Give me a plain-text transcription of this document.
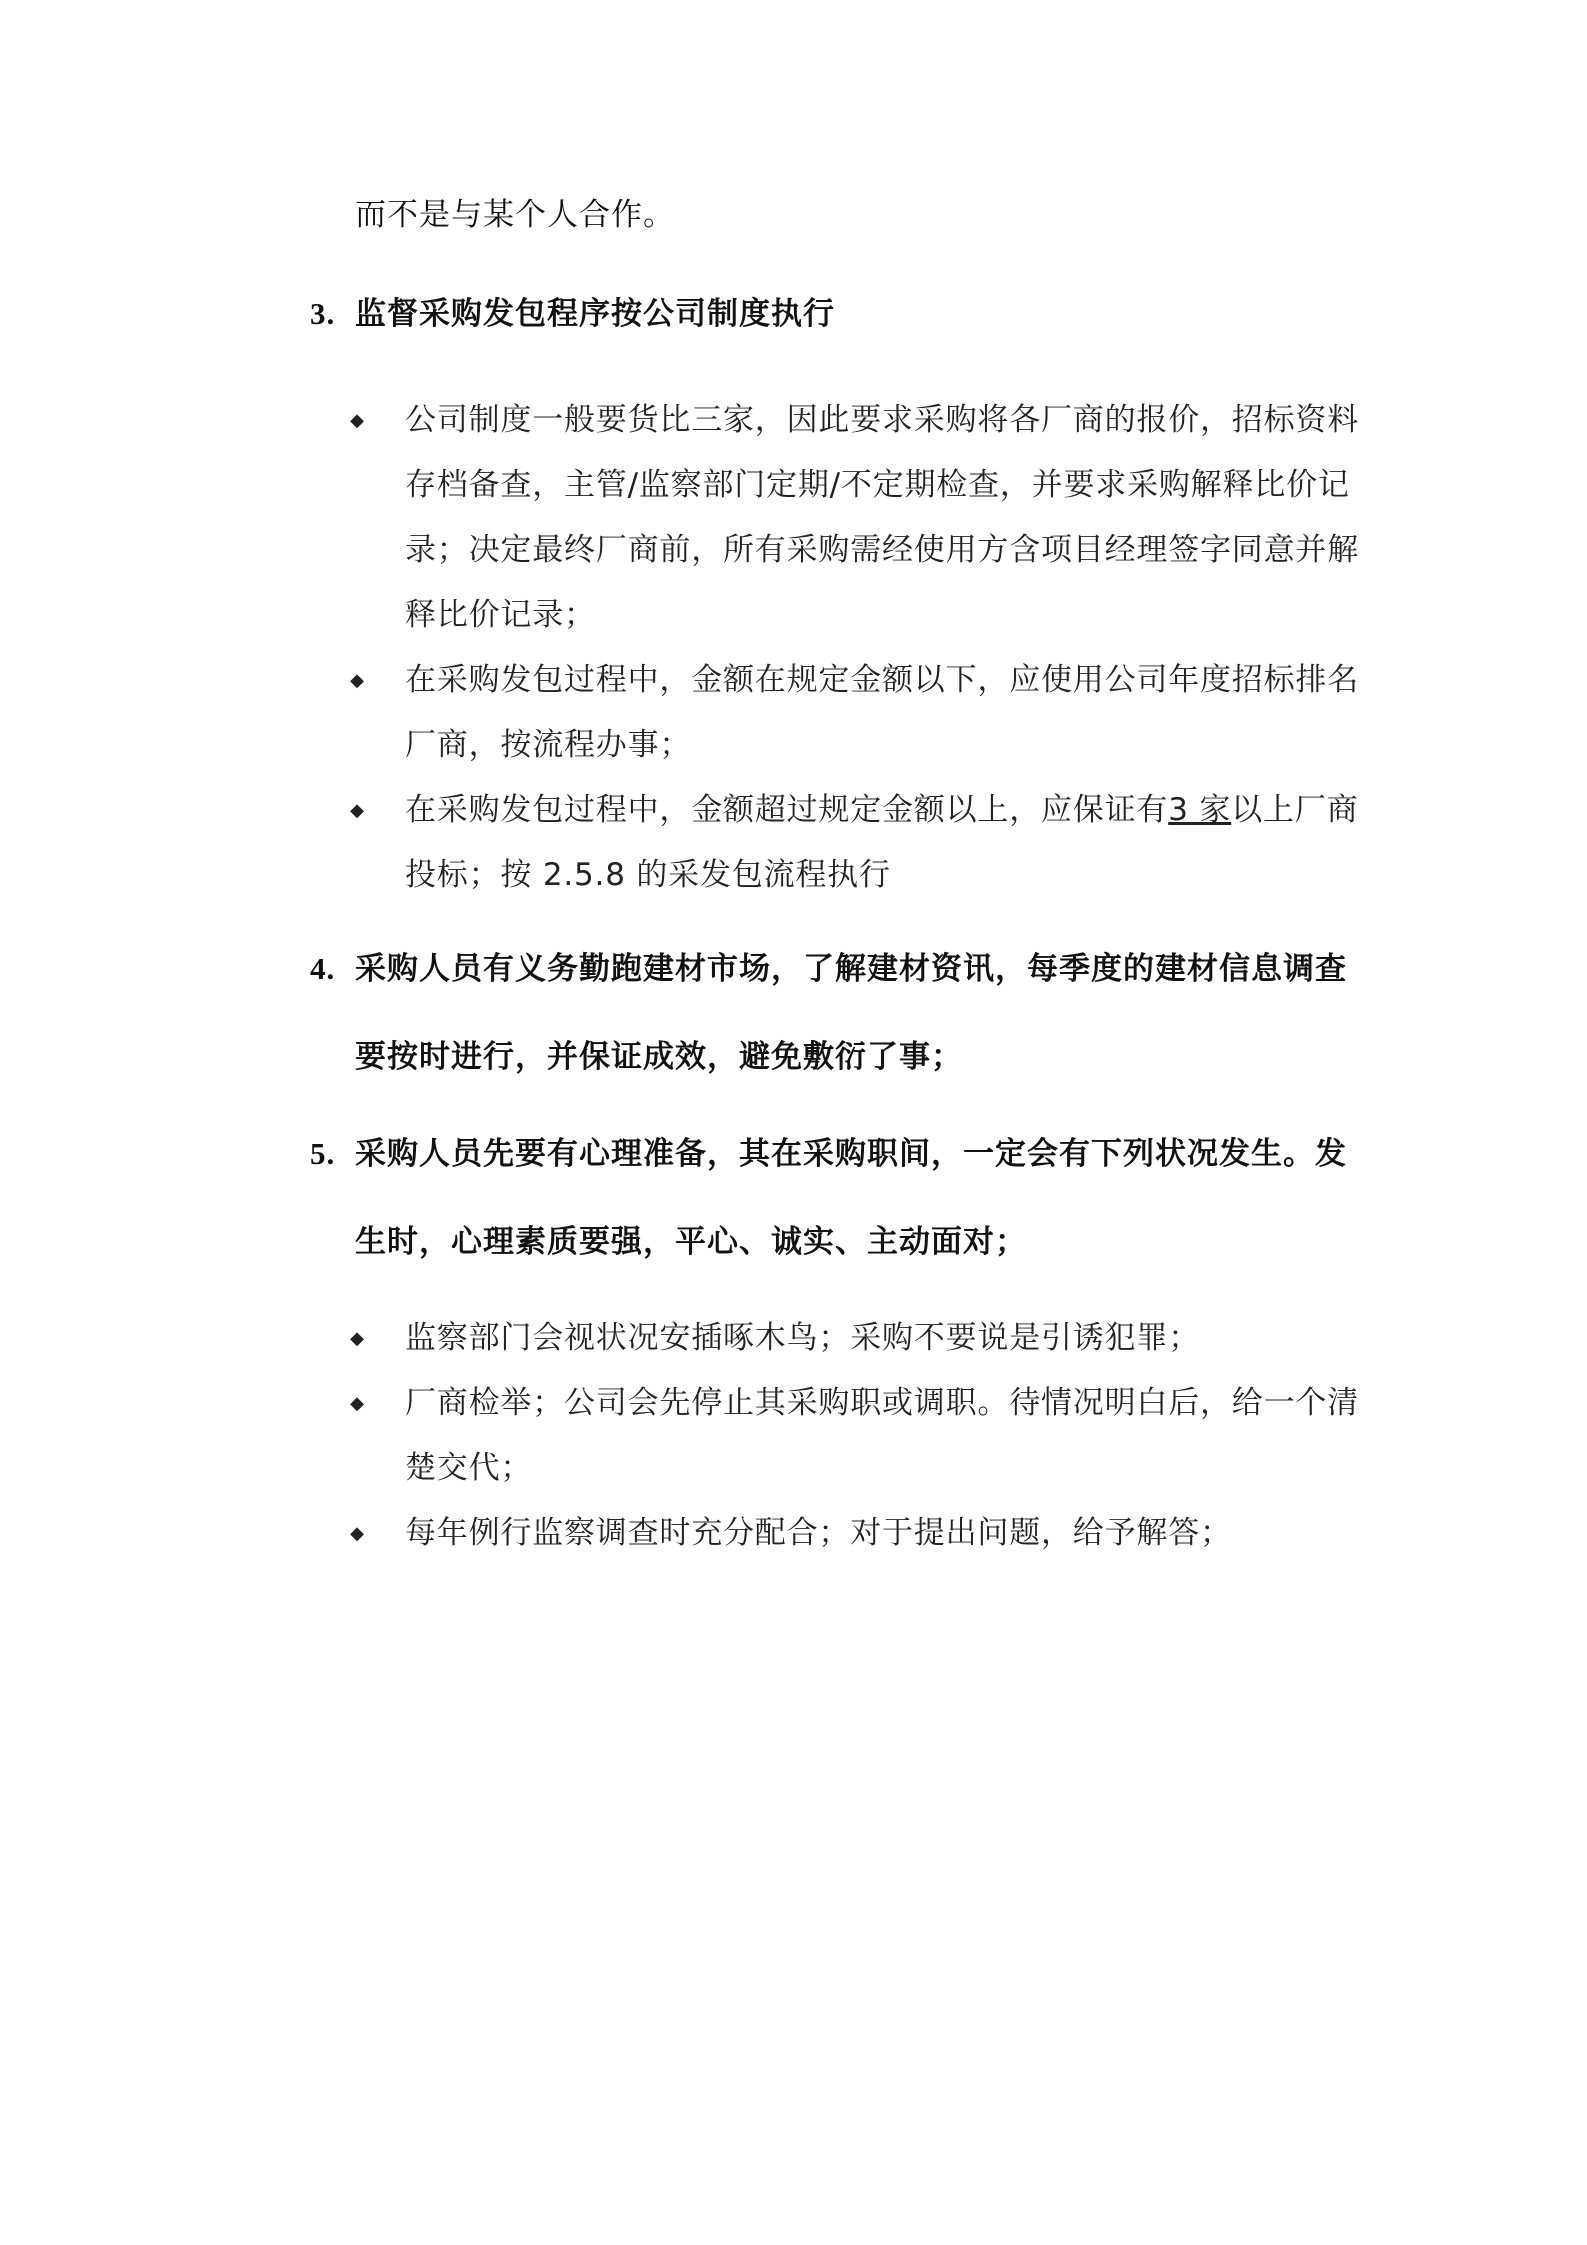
而不是与某个人合作。
3. 监督采购发包程序按公司制度执行
◆	公司制度一般要货比三家，因此要求采购将各厂商的报价，招标资料存档备查，主管/监察部门定期/不定期检查，并要求采购解释比价记录；决定最终厂商前，所有采购需经使用方含项目经理签字同意并解释比价记录；
◆	在采购发包过程中，金额在规定金额以下，应使用公司年度招标排名厂商，按流程办事；
◆	在采购发包过程中，金额超过规定金额以上，应保证有3 家以上厂商投标；按 2.5.8 的采发包流程执行
4. 采购人员有义务勤跑建材市场，了解建材资讯，每季度的建材信息调查要按时进行，并保证成效，避免敷衍了事；
5. 采购人员先要有心理准备，其在采购职间，一定会有下列状况发生。发生时，心理素质要强，平心、诚实、主动面对；
◆	监察部门会视状况安插啄木鸟；采购不要说是引诱犯罪；
◆	厂商检举；公司会先停止其采购职或调职。待情况明白后，给一个清楚交代；
◆	每年例行监察调查时充分配合；对于提出问题，给予解答；
